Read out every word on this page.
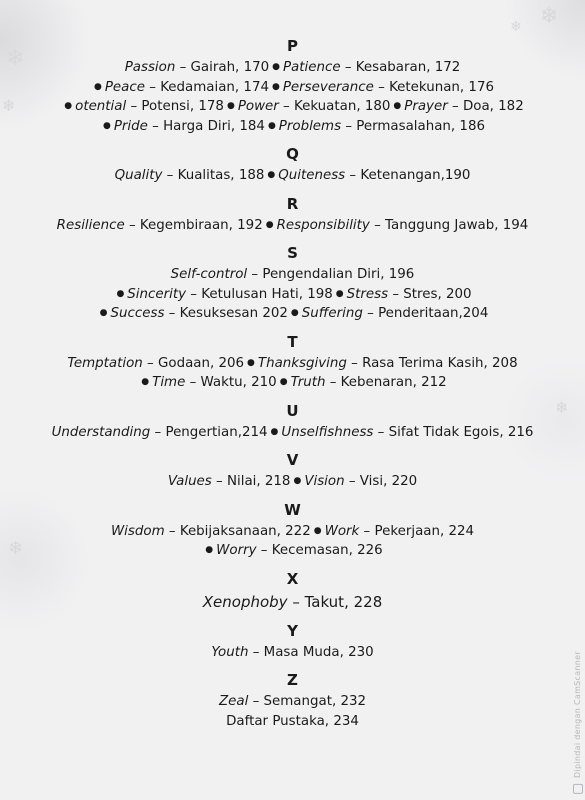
❄
❄
❄
❄
❄
❄
P
Passion – Gairah, 170 ● Patience – Kesabaran, 172
● Peace – Kedamaian, 174 ● Perseverance – Ketekunan, 176
● otential – Potensi, 178 ● Power – Kekuatan, 180 ● Prayer – Doa, 182
● Pride – Harga Diri, 184 ● Problems – Permasalahan, 186
Q
Quality – Kualitas, 188 ● Quiteness – Ketenangan,190
R
Resilience – Kegembiraan, 192 ● Responsibility – Tanggung Jawab, 194
S
Self-control – Pengendalian Diri, 196
● Sincerity – Ketulusan Hati, 198 ● Stress – Stres, 200
● Success – Kesuksesan 202 ● Suffering – Penderitaan,204
T
Temptation – Godaan, 206 ● Thanksgiving – Rasa Terima Kasih, 208
● Time – Waktu, 210 ● Truth – Kebenaran, 212
U
Understanding – Pengertian,214 ● Unselfishness – Sifat Tidak Egois, 216
V
Values – Nilai, 218 ● Vision – Visi, 220
W
Wisdom – Kebijaksanaan, 222 ● Work – Pekerjaan, 224
● Worry – Kecemasan, 226
X
Xenophoby – Takut, 228
Y
Youth – Masa Muda, 230
Z
Zeal – Semangat, 232
Daftar Pustaka, 234	Dipindai dengan CamScanner
